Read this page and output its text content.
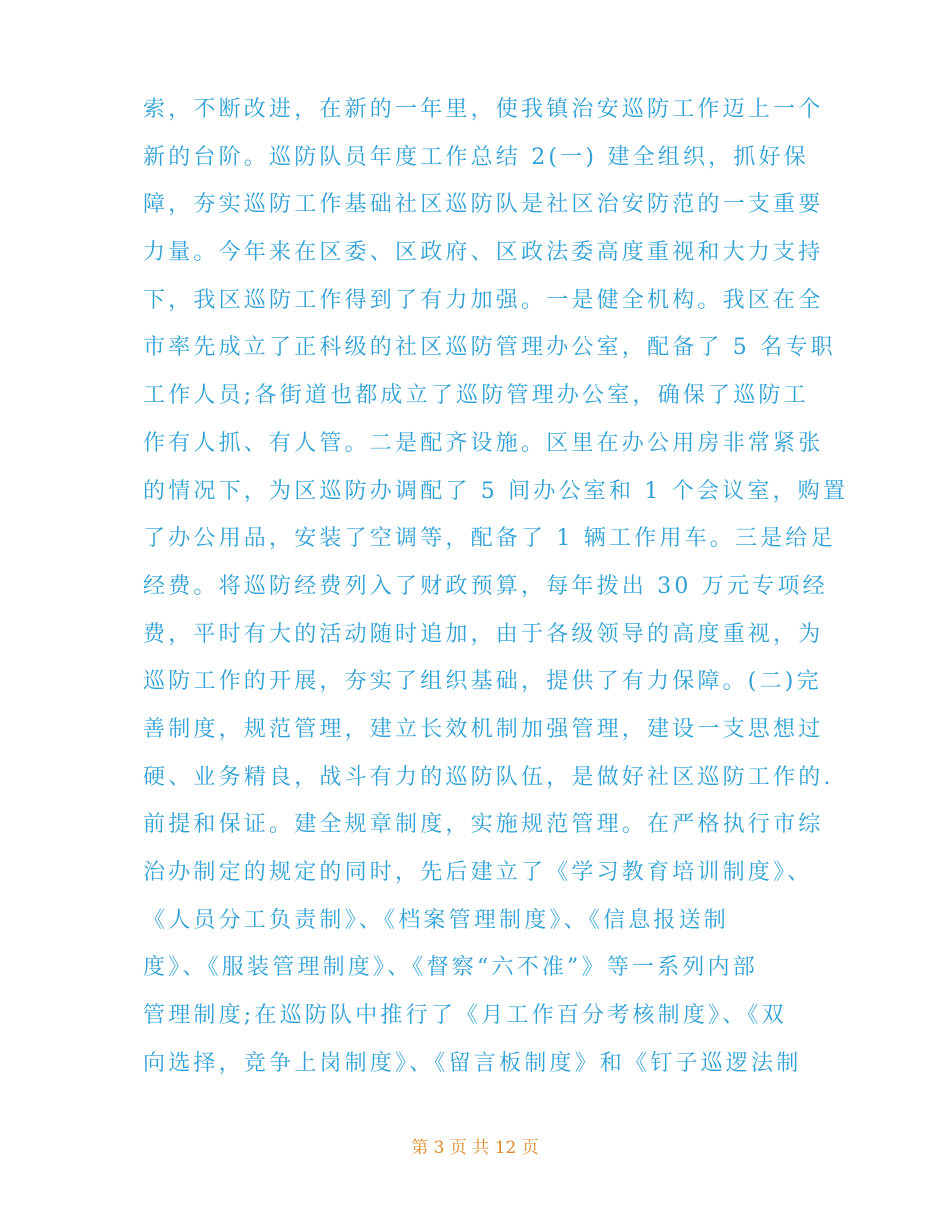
索，不断改进，在新的一年里，使我镇治安巡防工作迈上一个
新的台阶。巡防队员年度工作总结 2(一) 建全组织，抓好保
障，夯实巡防工作基础社区巡防队是社区治安防范的一支重要
力量。今年来在区委、区政府、区政法委高度重视和大力支持
下，我区巡防工作得到了有力加强。一是健全机构。我区在全
市率先成立了正科级的社区巡防管理办公室，配备了 5 名专职
工作人员;各街道也都成立了巡防管理办公室，确保了巡防工
作有人抓、有人管。二是配齐设施。区里在办公用房非常紧张
的情况下，为区巡防办调配了 5 间办公室和 1 个会议室，购置
了办公用品，安装了空调等，配备了 1 辆工作用车。三是给足
经费。将巡防经费列入了财政预算，每年拨出 30 万元专项经
费，平时有大的活动随时追加，由于各级领导的高度重视，为
巡防工作的开展，夯实了组织基础，提供了有力保障。(二)完
善制度，规范管理，建立长效机制加强管理，建设一支思想过
硬、业务精良，战斗有力的巡防队伍，是做好社区巡防工作的.
前提和保证。建全规章制度，实施规范管理。在严格执行市综
治办制定的规定的同时，先后建立了《学习教育培训制度》、
《人员分工负责制》、《档案管理制度》、《信息报送制
度》、《服装管理制度》、《督察“六不准”》等一系列内部
管理制度;在巡防队中推行了《月工作百分考核制度》、《双
向选择，竞争上岗制度》、《留言板制度》和《钉子巡逻法制
第 3 页 共 12 页
